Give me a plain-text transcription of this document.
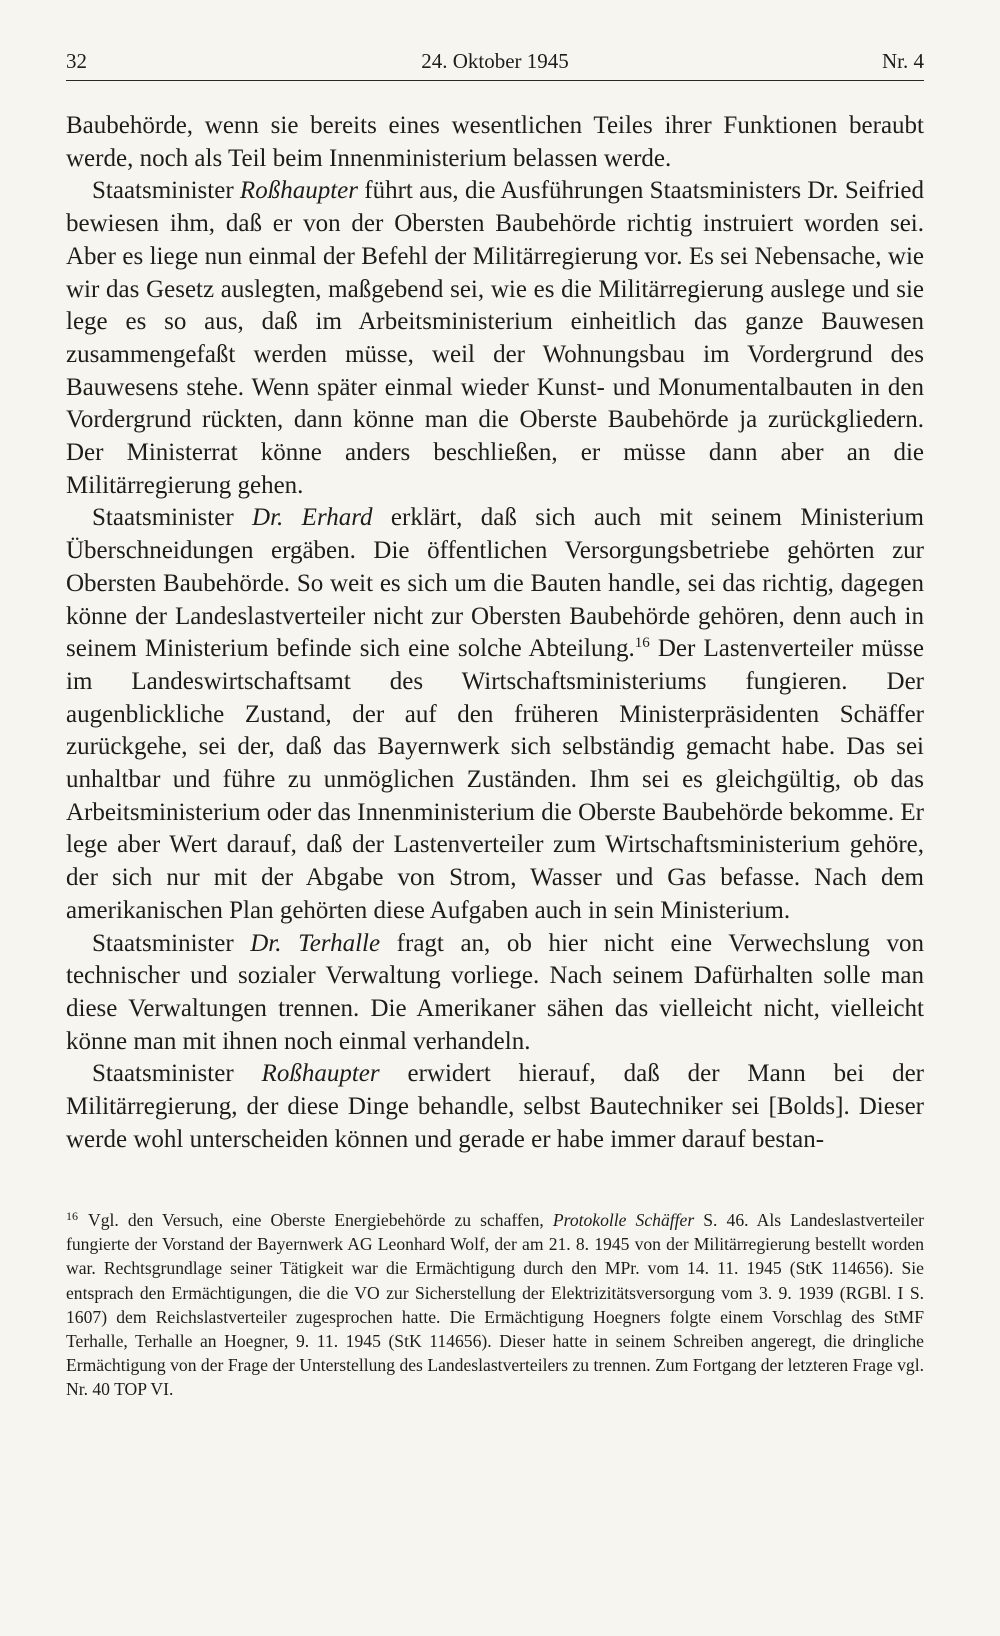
32	24. Oktober 1945	Nr. 4

Baubehörde, wenn sie bereits eines wesentlichen Teiles ihrer Funktionen beraubt werde, noch als Teil beim Innenministerium belassen werde.

Staatsminister Roßhaupter führt aus, die Ausführungen Staatsministers Dr. Seifried bewiesen ihm, daß er von der Obersten Baubehörde richtig instruiert worden sei. Aber es liege nun einmal der Befehl der Militärregierung vor. Es sei Nebensache, wie wir das Gesetz auslegten, maßgebend sei, wie es die Militärregierung auslege und sie lege es so aus, daß im Arbeitsministerium einheitlich das ganze Bauwesen zusammengefaßt werden müsse, weil der Wohnungsbau im Vordergrund des Bauwesens stehe. Wenn später einmal wieder Kunst- und Monumentalbauten in den Vordergrund rückten, dann könne man die Oberste Baubehörde ja zurückgliedern. Der Ministerrat könne anders beschließen, er müsse dann aber an die Militärregierung gehen.

Staatsminister Dr. Erhard erklärt, daß sich auch mit seinem Ministerium Überschneidungen ergäben. Die öffentlichen Versorgungsbetriebe gehörten zur Obersten Baubehörde. So weit es sich um die Bauten handle, sei das richtig, dagegen könne der Landeslastverteiler nicht zur Obersten Baubehörde gehören, denn auch in seinem Ministerium befinde sich eine solche Abteilung.$^{16}$ Der Lastenverteiler müsse im Landeswirtschaftsamt des Wirtschaftsministeriums fungieren. Der augenblickliche Zustand, der auf den früheren Ministerpräsidenten Schäffer zurückgehe, sei der, daß das Bayernwerk sich selbständig gemacht habe. Das sei unhaltbar und führe zu unmöglichen Zuständen. Ihm sei es gleichgültig, ob das Arbeitsministerium oder das Innenministerium die Oberste Baubehörde bekomme. Er lege aber Wert darauf, daß der Lastenverteiler zum Wirtschaftsministerium gehöre, der sich nur mit der Abgabe von Strom, Wasser und Gas befasse. Nach dem amerikanischen Plan gehörten diese Aufgaben auch in sein Ministerium.

Staatsminister Dr. Terhalle fragt an, ob hier nicht eine Verwechslung von technischer und sozialer Verwaltung vorliege. Nach seinem Dafürhalten solle man diese Verwaltungen trennen. Die Amerikaner sähen das vielleicht nicht, vielleicht könne man mit ihnen noch einmal verhandeln.

Staatsminister Roßhaupter erwidert hierauf, daß der Mann bei der Militärregierung, der diese Dinge behandle, selbst Bautechniker sei [Bolds]. Dieser werde wohl unterscheiden können und gerade er habe immer darauf bestan-

$^{16}$ Vgl. den Versuch, eine Oberste Energiebehörde zu schaffen, Protokolle Schäffer S. 46. Als Landeslastverteiler fungierte der Vorstand der Bayernwerk AG Leonhard Wolf, der am 21. 8. 1945 von der Militärregierung bestellt worden war. Rechtsgrundlage seiner Tätigkeit war die Ermächtigung durch den MPr. vom 14. 11. 1945 (StK 114656). Sie entsprach den Ermächtigungen, die die VO zur Sicherstellung der Elektrizitätsversorgung vom 3. 9. 1939 (RGBl. I S. 1607) dem Reichslastverteiler zugesprochen hatte. Die Ermächtigung Hoegners folgte einem Vorschlag des StMF Terhalle, Terhalle an Hoegner, 9. 11. 1945 (StK 114656). Dieser hatte in seinem Schreiben angeregt, die dringliche Ermächtigung von der Frage der Unterstellung des Landeslastverteilers zu trennen. Zum Fortgang der letzteren Frage vgl. Nr. 40 TOP VI.
